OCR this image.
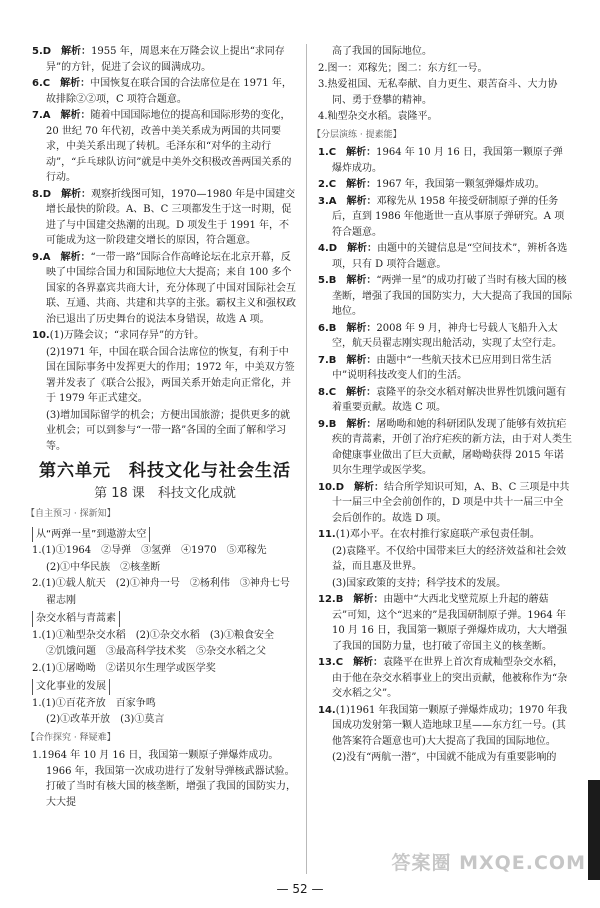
5.D　 解析：1955 年，周恩来在万隆会议上提出“求同存异”的方针，促进了会议的圆满成功。

6.C　 解析：中国恢复在联合国的合法席位是在 1971 年，故排除②②项，C 项符合题意。

7.A　 解析：随着中国国际地位的提高和国际形势的变化，20 世纪 70 年代初，改善中美关系成为两国的共同要求，中美关系出现了转机。毛泽东和“对华的主动行动”，“乒乓球队访问”就是中美外交积极改善两国关系的行动。

8.D　 解析：观察折线图可知，1970—1980 年是中国建交增长最快的阶段。A、B、C 三项都发生于这一时期，促进了与中国建交热潮的出现。D 项发生于 1991 年，不可能成为这一阶段建交增长的原因，符合题意。

9.A　 解析：“一带一路”国际合作高峰论坛在北京开幕，反映了中国综合国力和国际地位大大提高；来自 100 多个国家的各界嘉宾共商大计，充分体现了中国对国际社会互联、互通、共商、共建和共享的主张。霸权主义和强权政治已退出了历史舞台的说法本身错误，故选 A 项。

10.(1)万隆会议；“求同存异”的方针。

(2)1971 年，中国在联合国合法席位的恢复，有利于中国在国际事务中发挥更大的作用；1972 年，中美双方签署并发表了《联合公报》，两国关系开始走向正常化，并于 1979 年正式建交。

(3)增加国际留学的机会；方便出国旅游；提供更多的就业机会；可以到参与“一带一路”各国的全面了解和学习等。

第六单元　科技文化与社会生活
第 18 课　科技文化成就
【自主预习 · 探新知】
从“两弹一星”到遨游太空

1.(1)①1964　②导弹　③氢弹　④1970　⑤邓稼先

(2)①中华民族　②核垄断

2.(1)①载人航天　(2)①神舟一号　②杨利伟　③神舟七号

翟志刚

杂交水稻与青蒿素

1.(1)①籼型杂交水稻　(2)①杂交水稻　(3)①粮食安全

②饥饿问题　③最高科学技术奖　⑤杂交水稻之父

2.(1)①屠呦呦　②诺贝尔生理学或医学奖

文化事业的发展

1.(1)①百花齐放　百家争鸣

(2)①改革开放　(3)①莫言

【合作探究 · 释疑难】

1.1964 年 10 月 16 日，我国第一颗原子弹爆炸成功。1966 年，我国第一次成功进行了发射导弹核武器试验。打破了当时有核大国的核垄断，增强了我国的国防实力，大大提

高了我国的国际地位。

2.图一：邓稼先；图二：东方红一号。

3.热爱祖国、无私奉献、自力更生、艰苦奋斗、大力协同、勇于登攀的精神。

4.籼型杂交水稻。袁隆平。

【分层演练 · 提素能】

1.C　 解析：1964 年 10 月 16 日，我国第一颗原子弹爆炸成功。

2.C　 解析：1967 年，我国第一颗氢弹爆炸成功。

3.A　 解析：邓稼先从 1958 年接受研制原子弹的任务后，直到 1986 年他逝世一直从事原子弹研究。A 项符合题意。

4.D　 解析：由题中的关键信息是“空间技术”，辨析各选项，只有 D 项符合题意。

5.B　 解析：“两弹一星”的成功打破了当时有核大国的核垄断，增强了我国的国防实力，大大提高了我国的国际地位。

6.B　 解析：2008 年 9 月，神舟七号载人飞船升入太空，航天员翟志刚实现出舱活动，实现了太空行走。

7.B　 解析：由题中“一些航天技术已应用到日常生活中”说明科技改变人们的生活。

8.C　 解析：袁隆平的杂交水稻对解决世界性饥饿问题有着重要贡献。故选 C 项。

9.B　 解析：屠呦呦和她的科研团队发现了能够有效抗疟疾的青蒿素，开创了治疗疟疾的新方法，由于对人类生命健康事业做出了巨大贡献，屠呦呦获得 2015 年诺贝尔生理学或医学奖。

10.D　 解析：结合所学知识可知，A、B、C 三项是中共十一届三中全会前创作的，D 项是中共十一届三中全会后创作的。故选 D 项。

11.(1)邓小平。在农村推行家庭联产承包责任制。

(2)袁隆平。不仅给中国带来巨大的经济效益和社会效益，而且惠及世界。

(3)国家政策的支持；科学技术的发展。

12.B　 解析：由题中“大西北戈壁荒原上升起的蘑菇云”可知，这个“迟来的”是我国研制原子弹。1964 年 10 月 16 日，我国第一颗原子弹爆炸成功，大大增强了我国的国防力量，也打破了帝国主义的核垄断。

13.C　 解析：袁隆平在世界上首次育成籼型杂交水稻，由于他在杂交水稻事业上的突出贡献，他被称作为“杂交水稻之父”。

14.(1)1961 年我国第一颗原子弹爆炸成功；1970 年我国成功发射第一颗人造地球卫星——东方红一号。(其他答案符合题意也可)大大提高了我国的国际地位。

(2)没有“两航一潜”，中国就不能成为有重要影响的

— 52 —
答案圈 MXQE.COM
